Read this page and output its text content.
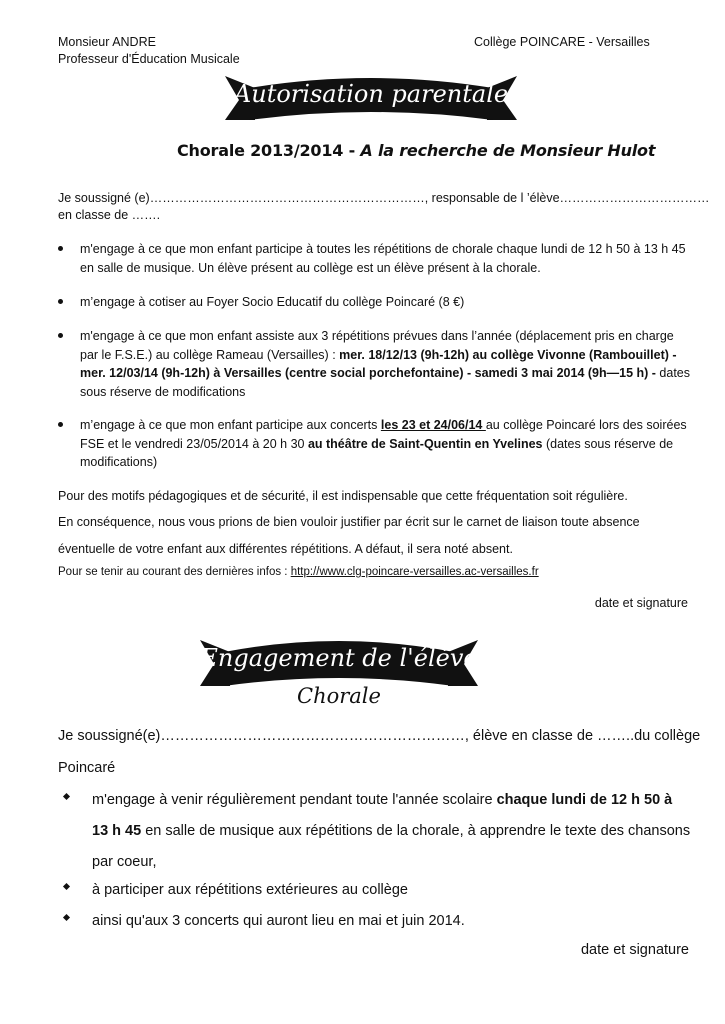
Monsieur ANDRE
Professeur d'Éducation Musicale
Collège POINCARE - Versailles
Autorisation parentale
Chorale 2013/2014 - A la recherche de Monsieur Hulot
Je soussigné (e)…………………………………………………………, responsable de l ’élève………………………………
en classe de …….
m'engage à ce que mon enfant participe à toutes les répétitions de chorale chaque lundi de 12 h 50 à 13 h 45 en salle de musique. Un élève présent au collège est un élève présent à la chorale.
m’engage à cotiser au Foyer Socio Educatif du collège Poincaré (8 €)
m'engage à ce que mon enfant assiste aux 3 répétitions prévues dans l’année (déplacement pris en charge par le F.S.E.) au collège Rameau (Versailles) : mer. 18/12/13 (9h-12h) au collège Vivonne (Rambouillet) - mer. 12/03/14 (9h-12h) à Versailles (centre social porchefontaine) - samedi 3 mai 2014 (9h—15 h) - dates sous réserve de modifications
m’engage à ce que mon enfant participe aux concerts les 23 et 24/06/14 au collège Poincaré lors des soirées FSE et le vendredi 23/05/2014 à 20 h 30 au théâtre de Saint-Quentin en Yvelines (dates sous réserve de modifications)
Pour des motifs pédagogiques et de sécurité, il est indispensable que cette fréquentation soit régulière.
En conséquence, nous vous prions de bien vouloir justifier par écrit sur le carnet de liaison toute absence
éventuelle de votre enfant aux différentes répétitions. A défaut, il sera noté absent.
Pour se tenir au courant des dernières infos : http://www.clg-poincare-versailles.ac-versailles.fr
date et signature
Engagement de l'élève
Chorale
Je soussigné(e)………………………………………………………, élève en classe de ……..du collège
Poincaré
m'engage à venir régulièrement pendant toute l'année scolaire chaque lundi de 12 h 50 à 13 h 45 en salle de musique aux répétitions de la chorale, à apprendre le texte des chansons par coeur,
à participer aux répétitions extérieures au collège
ainsi qu'aux 3 concerts qui auront lieu en mai et juin 2014.
date et signature
